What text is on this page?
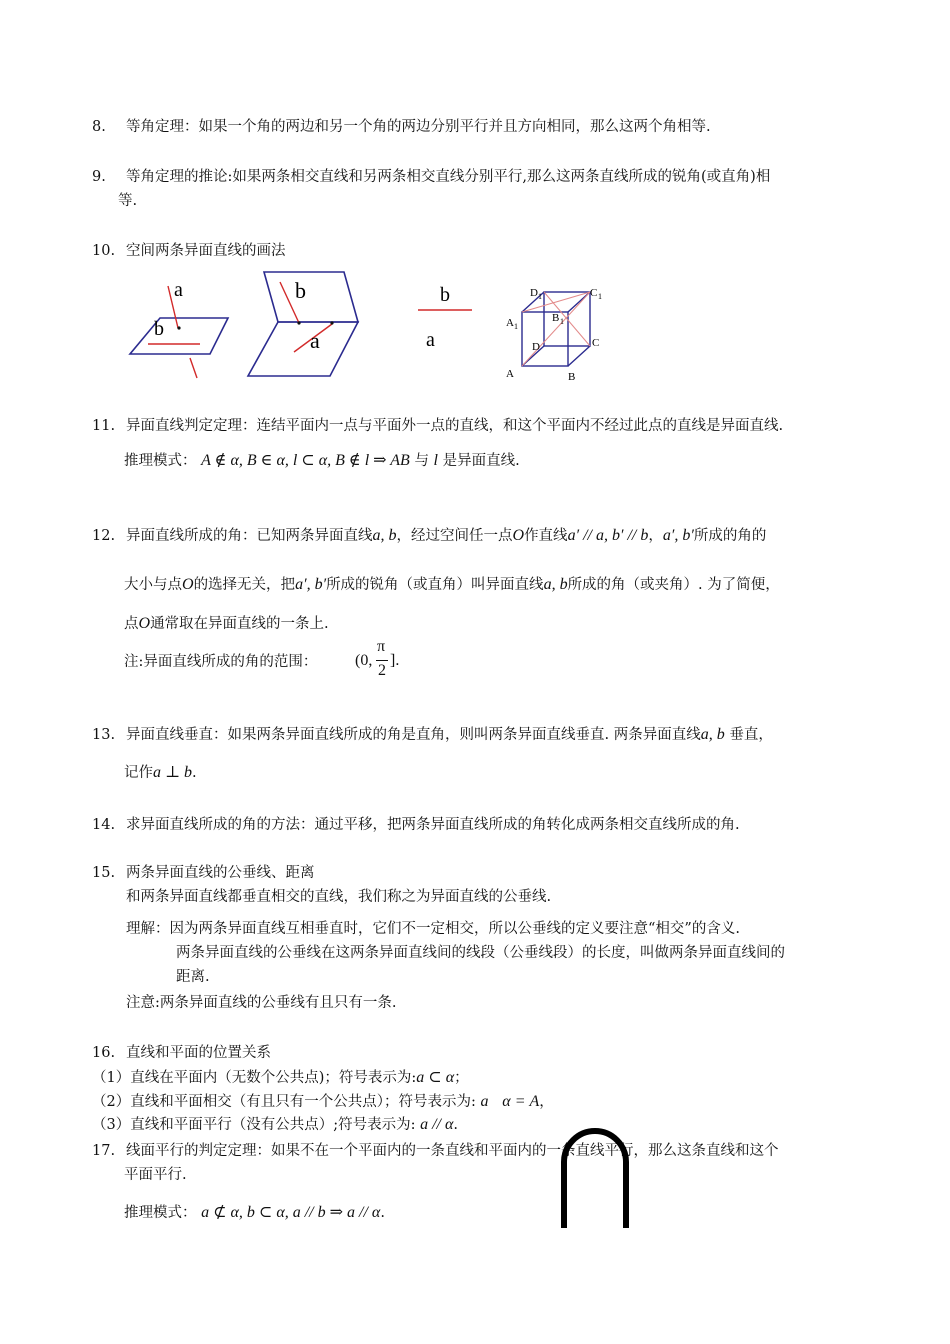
8. 等角定理：如果一个角的两边和另一个角的两边分别平行并且方向相同，那么这两个角相等.
9. 等角定理的推论:如果两条相交直线和另两条相交直线分别平行,那么这两条直线所成的锐角(或直角)相
等.
10. 空间两条异面直线的画法
a
b
b
a
b
a
D 1	C 1
A 1
B 1
D	C
A	B
11. 异面直线判定定理：连结平面内一点与平面外一点的直线，和这个平面内不经过此点的直线是异面直线.
推理模式： A ∉ α, B ∈ α, l ⊂ α, B ∉ l ⇒ AB 与 l 是异面直线.
12. 异面直线所成的角：已知两条异面直线a, b，经过空间任一点O作直线a′ // a, b′ // b，a′, b′所成的角的
大小与点O的选择无关，把a′, b′所成的锐角（或直角）叫异面直线a, b所成的角（或夹角）. 为了简便，
点O通常取在异面直线的一条上.
注:异面直线所成的角的范围： (0,
π
2
].
13. 异面直线垂直：如果两条异面直线所成的角是直角，则叫两条异面直线垂直. 两条异面直线a, b 垂直，
记作a ⊥ b.
14. 求异面直线所成的角的方法：通过平移，把两条异面直线所成的角转化成两条相交直线所成的角.
15. 两条异面直线的公垂线、距离
和两条异面直线都垂直相交的直线，我们称之为异面直线的公垂线.
理解：因为两条异面直线互相垂直时，它们不一定相交，所以公垂线的定义要注意“相交”的含义.
两条异面直线的公垂线在这两条异面直线间的线段（公垂线段）的长度，叫做两条异面直线间的
距离.
注意:两条异面直线的公垂线有且只有一条.
16. 直线和平面的位置关系
（1）直线在平面内（无数个公共点)；符号表示为:a ⊂ α；
（2）直线和平面相交（有且只有一个公共点）；符号表示为: a α = A，
（3）直线和平面平行（没有公共点）;符号表示为: a // α.
17. 线面平行的判定定理：如果不在一个平面内的一条直线和平面内的一条直线平行，那么这条直线和这个
平面平行.
推理模式： a ⊄ α, b ⊂ α, a // b ⇒ a // α.
